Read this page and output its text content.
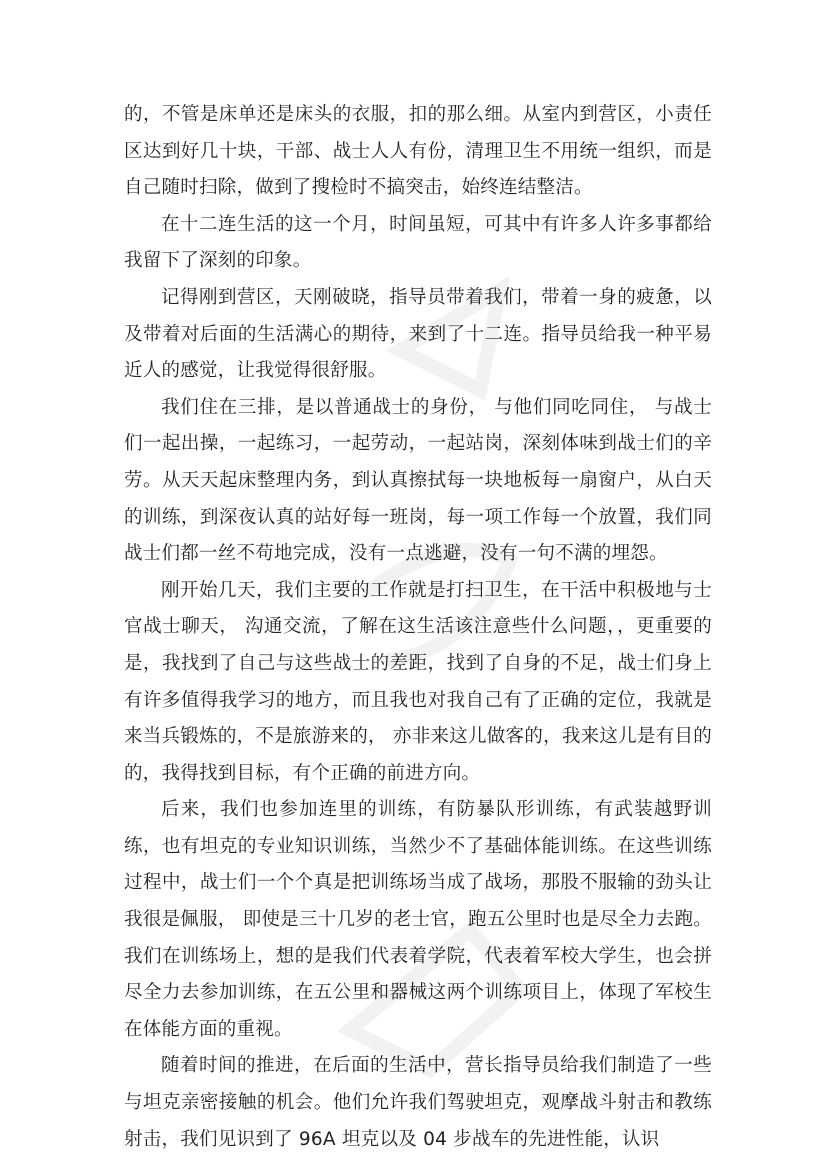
的，不管是床单还是床头的衣服，扣的那么细。从室内到营区，小责任区达到好几十块，干部、战士人人有份，清理卫生不用统一组织，而是自己随时扫除，做到了搜检时不搞突击，始终连结整洁。

在十二连生活的这一个月，时间虽短，可其中有许多人许多事都给我留下了深刻的印象。

记得刚到营区，天刚破晓，指导员带着我们，带着一身的疲惫，以及带着对后面的生活满心的期待，来到了十二连。指导员给我一种平易近人的感觉，让我觉得很舒服。

我们住在三排，是以普通战士的身份， 与他们同吃同住， 与战士们一起出操，一起练习，一起劳动，一起站岗，深刻体味到战士们的辛劳。从天天起床整理内务，到认真擦拭每一块地板每一扇窗户，从白天的训练，到深夜认真的站好每一班岗，每一项工作每一个放置，我们同战士们都一丝不苟地完成，没有一点逃避，没有一句不满的埋怨。

刚开始几天，我们主要的工作就是打扫卫生，在干活中积极地与士官战士聊天， 沟通交流，了解在这生活该注意些什么问题，，更重要的是，我找到了自己与这些战士的差距，找到了自身的不足，战士们身上有许多值得我学习的地方，而且我也对我自己有了正确的定位，我就是来当兵锻炼的，不是旅游来的， 亦非来这儿做客的，我来这儿是有目的的，我得找到目标，有个正确的前进方向。

后来，我们也参加连里的训练，有防暴队形训练，有武装越野训练，也有坦克的专业知识训练，当然少不了基础体能训练。在这些训练过程中，战士们一个个真是把训练场当成了战场，那股不服输的劲头让我很是佩服， 即使是三十几岁的老士官，跑五公里时也是尽全力去跑。我们在训练场上，想的是我们代表着学院，代表着军校大学生，也会拼尽全力去参加训练，在五公里和器械这两个训练项目上，体现了军校生在体能方面的重视。

随着时间的推进，在后面的生活中，营长指导员给我们制造了一些与坦克亲密接触的机会。他们允许我们驾驶坦克，观摩战斗射击和教练射击，我们见识到了 96A 坦克以及 04 步战车的先进性能，认识
